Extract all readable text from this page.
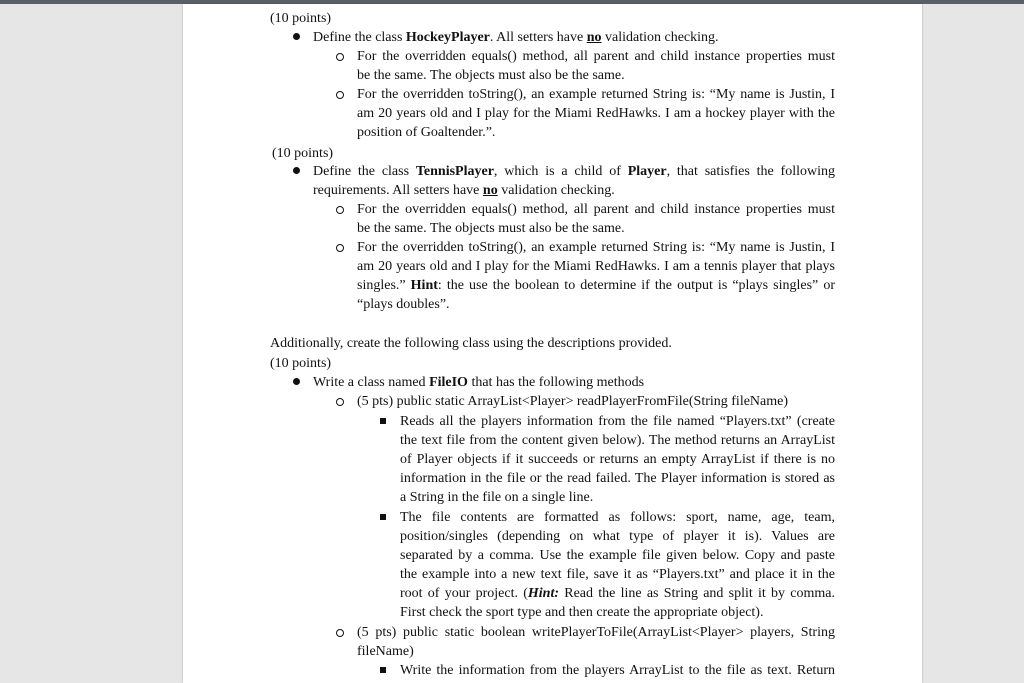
(10 points)
Define the class HockeyPlayer. All setters have no validation checking.
For the overridden equals() method, all parent and child instance properties must
be the same. The objects must also be the same.
For the overridden toString(), an example returned String is: “My name is Justin, I
am 20 years old and I play for the Miami RedHawks. I am a hockey player with the
position of Goaltender.”.
(10 points)
Define the class TennisPlayer, which is a child of Player, that satisfies the following
requirements. All setters have no validation checking.
For the overridden equals() method, all parent and child instance properties must
be the same. The objects must also be the same.
For the overridden toString(), an example returned String is: “My name is Justin, I
am 20 years old and I play for the Miami RedHawks. I am a tennis player that plays
singles.” Hint: the use the boolean to determine if the output is “plays singles” or
“plays doubles”.
Additionally, create the following class using the descriptions provided.
(10 points)
Write a class named FileIO that has the following methods
(5 pts) public static ArrayList<Player> readPlayerFromFile(String fileName)
Reads all the players information from the file named “Players.txt” (create
the text file from the content given below). The method returns an ArrayList
of Player objects if it succeeds or returns an empty ArrayList if there is no
information in the file or the read failed. The Player information is stored as
a String in the file on a single line.
The file contents are formatted as follows: sport, name, age, team,
position/singles (depending on what type of player it is). Values are
separated by a comma. Use the example file given below. Copy and paste
the example into a new text file, save it as “Players.txt” and place it in the
root of your project. (Hint: Read the line as String and split it by comma.
First check the sport type and then create the appropriate object).
(5 pts) public static boolean writePlayerToFile(ArrayList<Player> players, String
fileName)
Write the information from the players ArrayList to the file as text. Return
